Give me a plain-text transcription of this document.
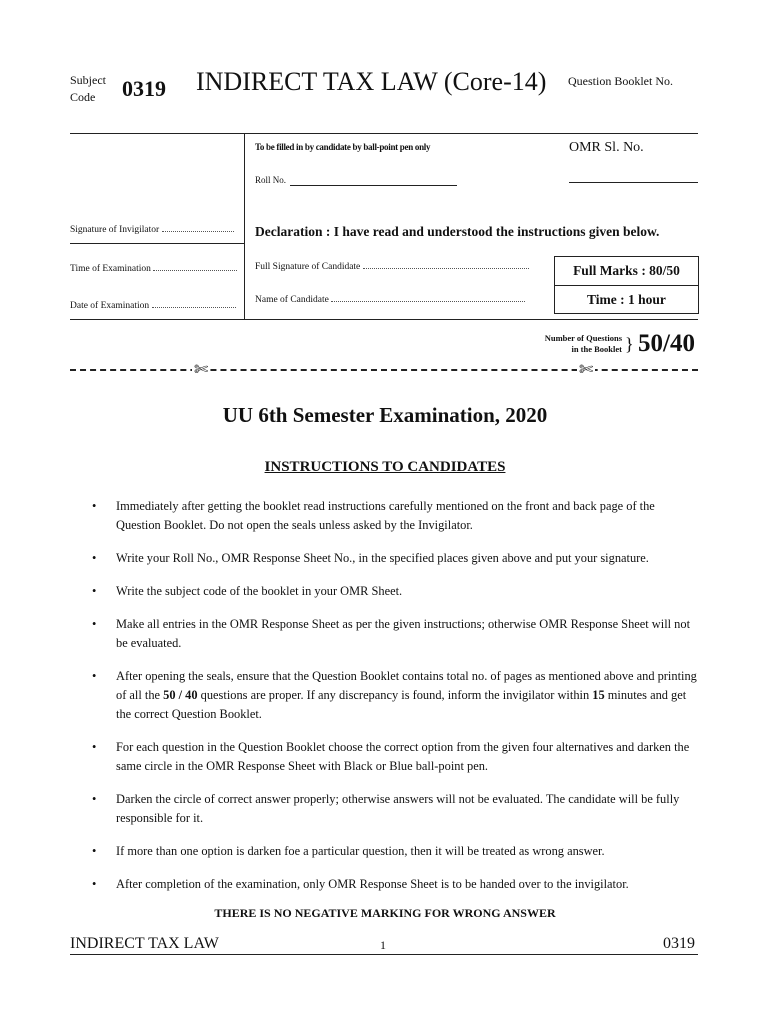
Subject
Code	0319 INDIRECT TAX LAW (Core-14) Question Booklet No.
To be filled in by candidate by ball-point pen only	OMR Sl. No.
Roll No.
Signature of Invigilator
Time of Examination
Date of Examination
Declaration : I have read and understood the instructions given below.
Full Signature of Candidate
Name of Candidate
Full Marks : 80/50
Time : 1 hour
Number of Questions
in the Booklet } 50/40
✄	✄
UU 6th Semester Examination, 2020
INSTRUCTIONS TO CANDIDATES
• Immediately after getting the booklet read instructions carefully mentioned on the front and back page of the Question Booklet. Do not open the seals unless asked by the Invigilator.
• Write your Roll No., OMR Response Sheet No., in the specified places given above and put your signature.
• Write the subject code of the booklet in your OMR Sheet.
• Make all entries in the OMR Response Sheet as per the given instructions; otherwise OMR Response Sheet will not be evaluated.
• After opening the seals, ensure that the Question Booklet contains total no. of pages as mentioned above and printing of all the 50 / 40 questions are proper. If any discrepancy is found, inform the invigilator within 15 minutes and get the correct Question Booklet.
• For each question in the Question Booklet choose the correct option from the given four alternatives and darken the same circle in the OMR Response Sheet with Black or Blue ball-point pen.
• Darken the circle of correct answer properly; otherwise answers will not be evaluated. The candidate will be fully responsible for it.
• If more than one option is darken foe a particular question, then it will be treated as wrong answer.
• After completion of the examination, only OMR Response Sheet is to be handed over to the invigilator.
THERE IS NO NEGATIVE MARKING FOR WRONG ANSWER
INDIRECT TAX LAW	1	0319
